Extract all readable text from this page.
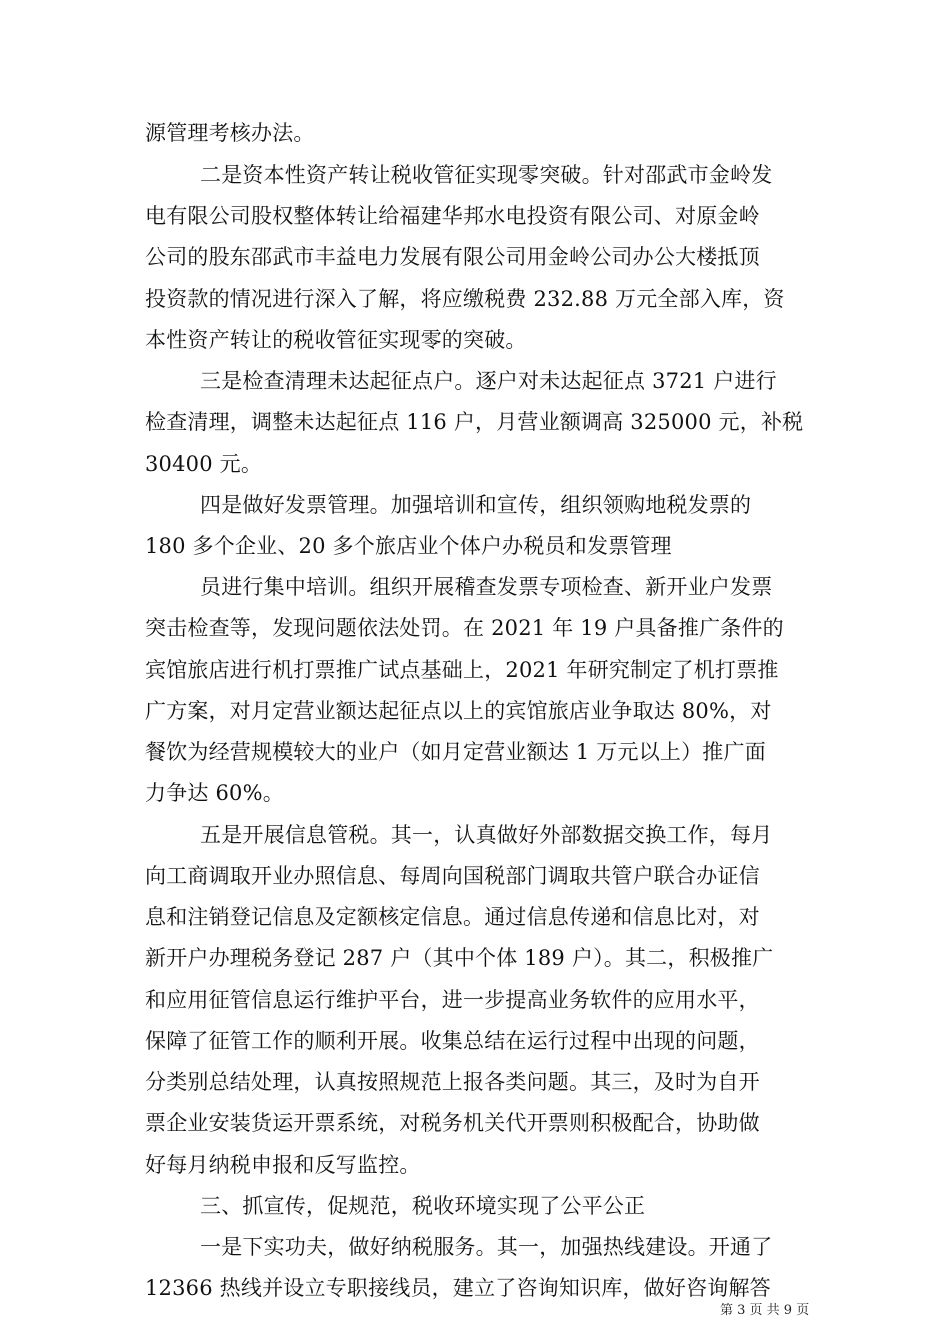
源管理考核办法。
二是资本性资产转让税收管征实现零突破。针对邵武市金岭发
电有限公司股权整体转让给福建华邦水电投资有限公司、对原金岭
公司的股东邵武市丰益电力发展有限公司用金岭公司办公大楼抵顶
投资款的情况进行深入了解，将应缴税费 232.88 万元全部入库，资
本性资产转让的税收管征实现零的突破。
三是检查清理未达起征点户。逐户对未达起征点 3721 户进行
检查清理，调整未达起征点 116 户，月营业额调高 325000 元，补税
30400 元。
四是做好发票管理。加强培训和宣传，组织领购地税发票的
180 多个企业、20 多个旅店业个体户办税员和发票管理
员进行集中培训。组织开展稽查发票专项检查、新开业户发票
突击检查等，发现问题依法处罚。在 2021 年 19 户具备推广条件的
宾馆旅店进行机打票推广试点基础上，2021 年研究制定了机打票推
广方案，对月定营业额达起征点以上的宾馆旅店业争取达 80%，对
餐饮为经营规模较大的业户（如月定营业额达 1 万元以上）推广面
力争达 60%。
五是开展信息管税。其一，认真做好外部数据交换工作，每月
向工商调取开业办照信息、每周向国税部门调取共管户联合办证信
息和注销登记信息及定额核定信息。通过信息传递和信息比对，对
新开户办理税务登记 287 户（其中个体 189 户）。其二，积极推广
和应用征管信息运行维护平台，进一步提高业务软件的应用水平，
保障了征管工作的顺利开展。收集总结在运行过程中出现的问题，
分类别总结处理，认真按照规范上报各类问题。其三，及时为自开
票企业安装货运开票系统，对税务机关代开票则积极配合，协助做
好每月纳税申报和反写监控。
三、抓宣传，促规范，税收环境实现了公平公正
一是下实功夫，做好纳税服务。其一，加强热线建设。开通了
12366 热线并设立专职接线员，建立了咨询知识库，做好咨询解答
第 3 页 共 9 页
